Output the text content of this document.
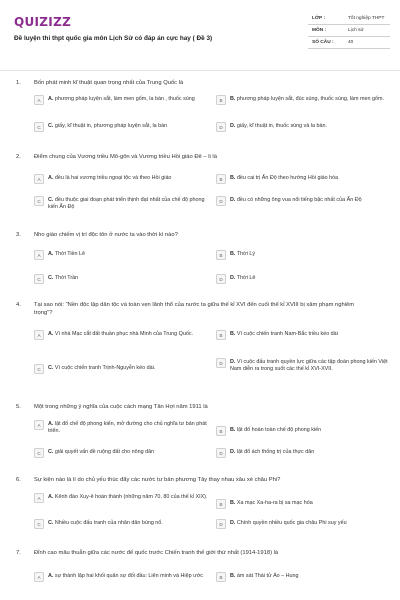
QUIZIZZ
Đề luyện thi thpt quốc gia môn Lịch Sử có đáp án cực hay ( Đề 3)
LỚP :	Tốt nghiệp THPT
MÔN :	Lịch sử
SỐ CÂU :	40
1. Bốn phát minh kĩ thuật quan trọng nhất của Trung Quốc là
A	A. phương pháp luyện sắt, làm men gốm, la bàn , thuốc súng	B	B. phương pháp luyện sắt, đúc súng, thuốc súng, làm men gốm.
C	C. giấy, kĩ thuật in, phương pháp luyện sắt, la bàn	D	D. giấy, kĩ thuật in, thuốc súng và la bàn.
2. Điểm chung của Vương triều Mô-gôn và Vương triều Hồi giáo Đê – li là
A	A. đều là hai vương triều ngoại tộc và theo Hồi giáo	B	B. đều cai trị Ấn Độ theo hướng Hồi giáo hóa
C	C. đều thuộc giai đoạn phát triển thịnh đạt nhất của chế độ phong kiến Ấn Độ
D	D. đều có những ông vua nổi tiếng bậc nhất của Ấn Độ
3. Nho giáo chiếm vị trí độc tôn ở nước ta vào thời kì nào?
A	A. Thời Tiền Lê	B	B. Thời Lý
C	C. Thời Trần	D	D. Thời Lê
4. Tại sao nói: "Nền độc lập dân tộc và toàn vẹn lãnh thổ của nước ta giữa thế kỉ XVI đến cuối thế kỉ XVIII bị xâm phạm nghiêm trọng"?
A	A. Vì nhà Mạc cắt đất thuần phục nhà Minh của Trung Quốc.	B	B. Vì cuộc chiến tranh Nam-Bắc triều kéo dài
C	C. Vì cuộc chiến tranh Trịnh-Nguyễn kéo dài.
D	D. Vì cuộc đấu tranh quyền lực giữa các tập đoàn phong kiến Việt Nam diễn ra trong suốt các thế kỉ XVI-XVII.
5. Một trong những ý nghĩa của cuộc cách mạng Tân Hợi năm 1911 là
A	A. lật đổ chế độ phong kiến, mở đường cho chủ nghĩa tư bản phát triển.	B	B. lật đổ hoàn toàn chế độ phong kiến
C	C. giải quyết vấn đề ruộng đất cho nông dân	D	D. lật đổ ách thống trị của thực dân
6. Sự kiện nào là lí do chủ yếu thúc đẩy các nước tư bản phương Tây thay nhau xâu xé châu Phi?
A	A. Kênh đào Xuy-ê hoàn thành (những năm 70, 80 của thế kỉ XIX).
B	B. Xa mạc Xa-ha-ra bị sa mạc hóa
C	C. Nhiều cuộc đấu tranh của nhân dân bùng nổ.	D	D. Chính quyền nhiều quốc gia châu Phi suy yếu
7. Đỉnh cao mâu thuẫn giữa các nước đế quốc trước Chiến tranh thế giới thứ nhất (1914-1918) là
A	A. sự thành lập hai khối quân sự đối đầu: Liên minh và Hiệp ước	B	B. ám sát Thái tử Áo – Hung
